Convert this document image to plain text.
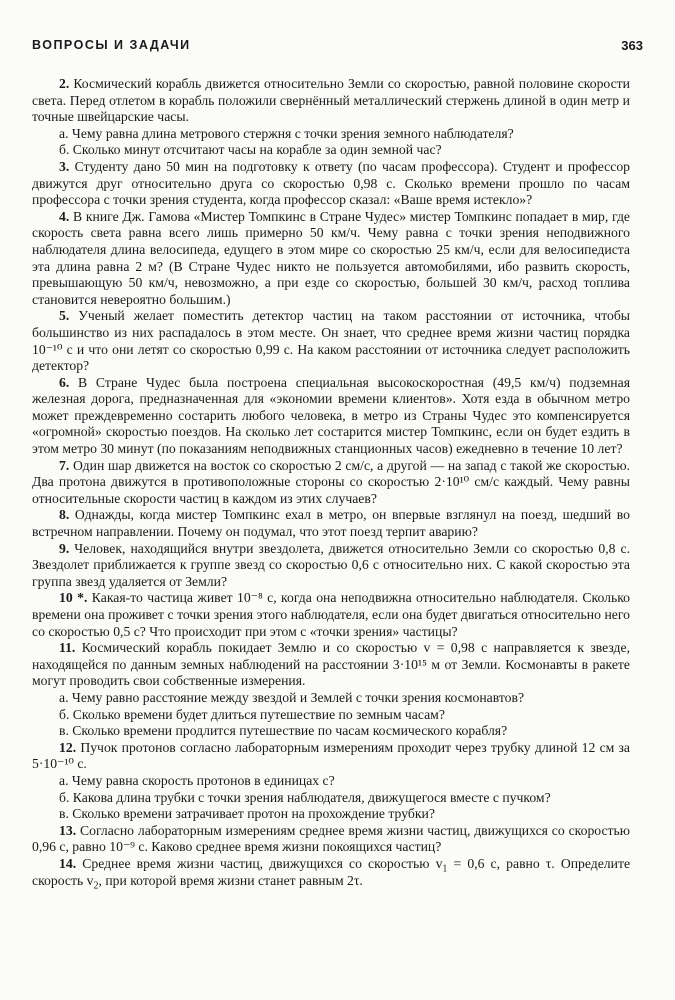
ВОПРОСЫ И ЗАДАЧИ	363

2. Космический корабль движется относительно Земли со скоростью, равной половине скорости света. Перед отлетом в корабль положили свернённый металлический стержень длиной в один метр и точные швейцарские часы.

а. Чему равна длина метрового стержня с точки зрения земного наблюдателя?

б. Сколько минут отсчитают часы на корабле за один земной час?

3. Студенту дано 50 мин на подготовку к ответу (по часам профессора). Студент и профессор движутся друг относительно друга со скоростью 0,98 c. Сколько времени прошло по часам профессора с точки зрения студента, когда профессор сказал: «Ваше время истекло»?

4. В книге Дж. Гамова «Мистер Томпкинс в Стране Чудес» мистер Томпкинс попадает в мир, где скорость света равна всего лишь примерно 50 км/ч. Чему равна с точки зрения неподвижного наблюдателя длина велосипеда, едущего в этом мире со скоростью 25 км/ч, если для велосипедиста эта длина равна 2 м? (В Стране Чудес никто не пользуется автомобилями, ибо развить скорость, превышающую 50 км/ч, невозможно, а при езде со скоростью, большей 30 км/ч, расход топлива становится невероятно большим.)

5. Ученый желает поместить детектор частиц на таком расстоянии от источника, чтобы большинство из них распадалось в этом месте. Он знает, что среднее время жизни частиц порядка 10⁻¹⁰ с и что они летят со скоростью 0,99 c. На каком расстоянии от источника следует расположить детектор?

6. В Стране Чудес была построена специальная высокоскоростная (49,5 км/ч) подземная железная дорога, предназначенная для «экономии времени клиентов». Хотя езда в обычном метро может преждевременно состарить любого человека, в метро из Страны Чудес это компенсируется «огромной» скоростью поездов. На сколько лет состарится мистер Томпкинс, если он будет ездить в этом метро 30 минут (по показаниям неподвижных станционных часов) ежедневно в течение 10 лет?

7. Один шар движется на восток со скоростью 2 см/с, а другой — на запад с такой же скоростью. Два протона движутся в противоположные стороны со скоростью 2·10¹⁰ см/с каждый. Чему равны относительные скорости частиц в каждом из этих случаев?

8. Однажды, когда мистер Томпкинс ехал в метро, он впервые взглянул на поезд, шедший во встречном направлении. Почему он подумал, что этот поезд терпит аварию?

9. Человек, находящийся внутри звездолета, движется относительно Земли со скоростью 0,8 c. Звездолет приближается к группе звезд со скоростью 0,6 c относительно них. С какой скоростью эта группа звезд удаляется от Земли?

10 *. Какая-то частица живет 10⁻⁸ с, когда она неподвижна относительно наблюдателя. Сколько времени она проживет с точки зрения этого наблюдателя, если она будет двигаться относительно него со скоростью 0,5 c? Что происходит при этом с «точки зрения» частицы?

11. Космический корабль покидает Землю и со скоростью v = 0,98 c направляется к звезде, находящейся по данным земных наблюдений на расстоянии 3·10¹⁵ м от Земли. Космонавты в ракете могут проводить свои собственные измерения.

а. Чему равно расстояние между звездой и Землей с точки зрения космонавтов?

б. Сколько времени будет длиться путешествие по земным часам?

в. Сколько времени продлится путешествие по часам космического корабля?

12. Пучок протонов согласно лабораторным измерениям проходит через трубку длиной 12 см за 5·10⁻¹⁰ с.

а. Чему равна скорость протонов в единицах c?

б. Какова длина трубки с точки зрения наблюдателя, движущегося вместе с пучком?

в. Сколько времени затрачивает протон на прохождение трубки?

13. Согласно лабораторным измерениям среднее время жизни частиц, движущихся со скоростью 0,96 c, равно 10⁻⁹ с. Каково среднее время жизни покоящихся частиц?

14. Среднее время жизни частиц, движущихся со скоростью $v_1 = 0,6$ c, равно τ. Определите скорость $v_2$, при которой время жизни станет равным 2τ.
